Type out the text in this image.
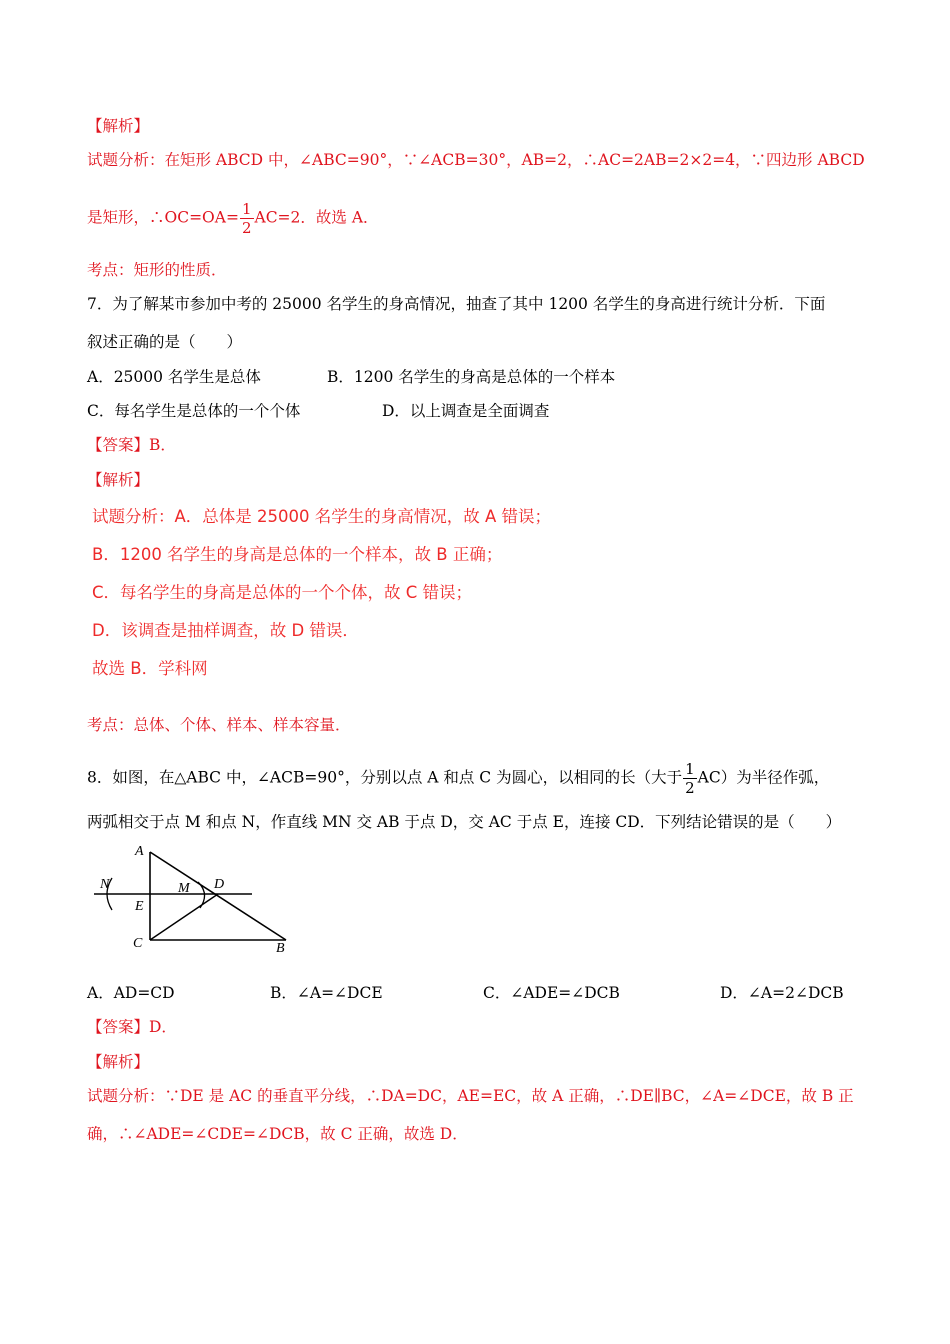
【解析】
试题分析：在矩形 ABCD 中，∠ABC=90°，∵∠ACB=30°，AB=2，∴AC=2AB=2×2=4，∵四边形 ABCD
是矩形，∴OC=OA= $\frac{1}{2} AC=2$．故选 A．
考点：矩形的性质．
7．为了解某市参加中考的 25000 名学生的身高情况，抽查了其中 1200 名学生的身高进行统计分析．下面
叙述正确的是（　　）
A．25000 名学生是总体	B．1200 名学生的身高是总体的一个样本
C．每名学生是总体的一个个体	D．以上调查是全面调查
【答案】B．
【解析】
试题分析：A．总体是 25000 名学生的身高情况，故 A 错误；
B．1200 名学生的身高是总体的一个样本，故 B 正确；
C．每名学生的身高是总体的一个个体，故 C 错误；
D．该调查是抽样调查，故 D 错误．
故选 B．学科网
考点：总体、个体、样本、样本容量．
8．如图，在△ABC 中，∠ACB=90°，分别以点 A 和点 C 为圆心，以相同的长（大于 $\frac{1}{2} AC$）为半径作弧，
两弧相交于点 M 和点 N，作直线 MN 交 AB 于点 D，交 AC 于点 E，连接 CD．下列结论错误的是（　　）
A
N	M D
E
C	B
A．AD=CD	B．∠A=∠DCE	C．∠ADE=∠DCB	D．∠A=2∠DCB
【答案】D．
【解析】
试题分析：∵DE 是 AC 的垂直平分线，∴DA=DC，AE=EC，故 A 正确，∴DE∥BC，∠A=∠DCE，故 B 正
确，∴∠ADE=∠CDE=∠DCB，故 C 正确，故选 D．
